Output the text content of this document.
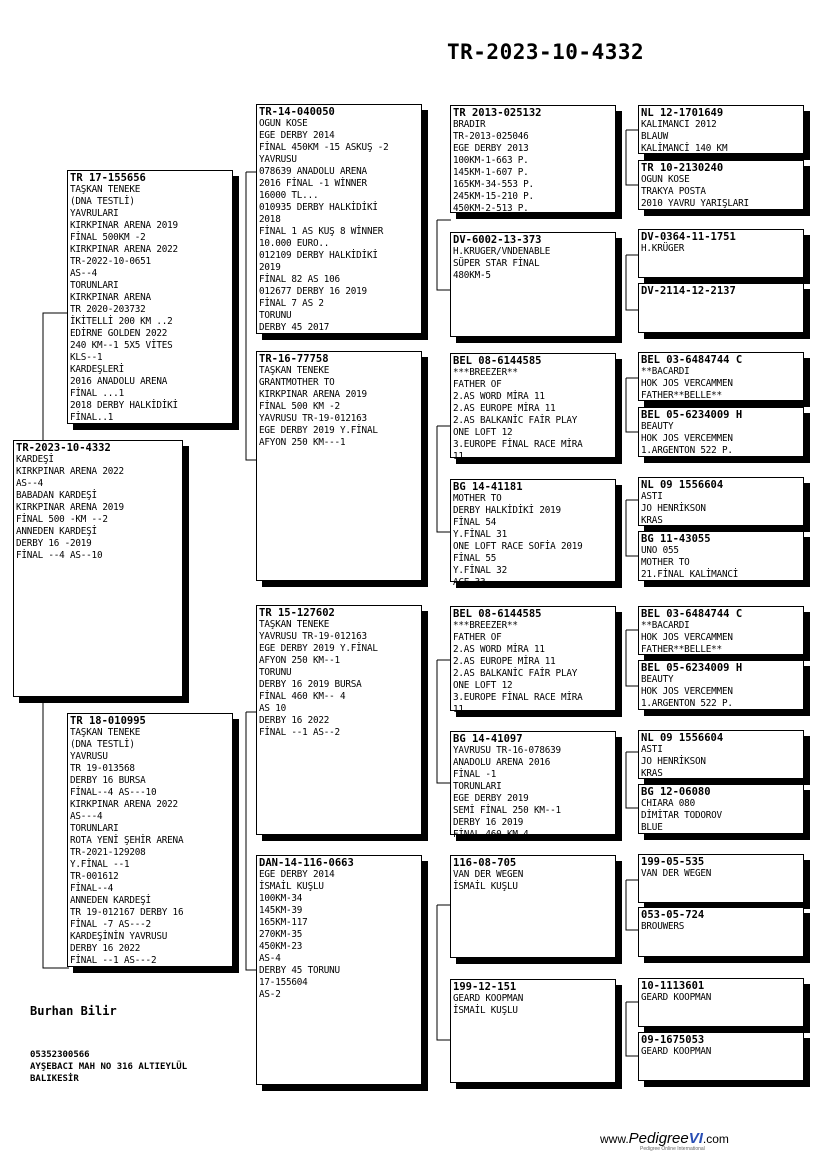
TR-2023-10-4332
TR-2023-10-4332
KARDEŞİ
KIRKPINAR ARENA 2022
AS--4
BABADAN KARDEŞİ
KIRKPINAR ARENA 2019
FİNAL 500 -KM --2
ANNEDEN KARDEŞİ
DERBY 16 -2019
FİNAL --4 AS--10
TR 17-155656
TAŞKAN TENEKE
(DNA TESTLİ)
YAVRULARI
KIRKPINAR ARENA 2019
FİNAL 500KM -2
KIRKPINAR ARENA 2022
TR-2022-10-0651
AS--4
TORUNLARI
KIRKPINAR ARENA
TR 2020-203732
İKİTELLİ 200 KM ..2
EDİRNE GOLDEN 2022
240 KM--1 5X5 VİTES
KLS--1
KARDEŞLERİ
2016 ANADOLU ARENA
FİNAL ...1
2018 DERBY HALKİDİKİ
FİNAL..1
TR 18-010995
TAŞKAN TENEKE
(DNA TESTLİ)
YAVRUSU
TR 19-013568
DERBY 16 BURSA
FİNAL--4 AS---10
KIRKPINAR ARENA 2022
AS---4
TORUNLARI
ROTA YENİ ŞEHİR ARENA
TR-2021-129208
Y.FİNAL --1
TR-001612
FİNAL--4
ANNEDEN KARDEŞİ
TR 19-012167 DERBY 16
FİNAL -7 AS---2
KARDEŞİNİN YAVRUSU
DERBY 16 2022
FİNAL --1 AS---2
TR-14-040050
OGUN KOSE
EGE DERBY 2014
FİNAL 450KM -15 ASKUŞ -2
YAVRUSU
078639 ANADOLU ARENA
2016 FİNAL -1 WİNNER
16000 TL...
010935 DERBY HALKİDİKİ
2018
FİNAL 1 AS KUŞ 8 WİNNER
10.000 EURO..
012109 DERBY HALKİDİKİ
2019
FİNAL 82 AS 106
012677 DERBY 16 2019
FİNAL 7 AS 2
TORUNU
DERBY 45 2017
TR-16-77758
TAŞKAN TENEKE
GRANTMOTHER TO
KIRKPINAR ARENA 2019
FİNAL 500 KM -2
YAVRUSU TR-19-012163
EGE DERBY 2019 Y.FİNAL
AFYON 250 KM---1
TR 15-127602
TAŞKAN TENEKE
YAVRUSU TR-19-012163
EGE DERBY 2019 Y.FİNAL
AFYON 250 KM--1
TORUNU
DERBY 16 2019 BURSA
FİNAL 460 KM-- 4
AS 10
DERBY 16 2022
FİNAL --1 AS--2
DAN-14-116-0663
EGE DERBY 2014
İSMAİL KUŞLU
100KM-34
145KM-39
165KM-117
270KM-35
450KM-23
AS-4
DERBY 45 TORUNU
17-155604
AS-2
TR 2013-025132
BRADIR
TR-2013-025046
EGE DERBY 2013
100KM-1-663 P.
145KM-1-607 P.
165KM-34-553 P.
245KM-15-210 P.
450KM-2-513 P.
DV-6002-13-373
H.KRUGER/VNDENABLE
SÜPER STAR FİNAL
480KM-5
BEL 08-6144585
***BREEZER**
FATHER OF
2.AS WORD MİRA 11
2.AS EUROPE MİRA 11
2.AS BALKANİC FAİR PLAY
ONE LOFT 12
3.EUROPE FİNAL RACE MİRA
11
BG 14-41181
MOTHER TO
DERBY HALKİDİKİ 2019
FİNAL 54
Y.FİNAL 31
ONE LOFT RACE SOFİA 2019
FİNAL 55
Y.FİNAL 32
ACE 33
BEL 08-6144585
***BREEZER**
FATHER OF
2.AS WORD MİRA 11
2.AS EUROPE MİRA 11
2.AS BALKANİC FAİR PLAY
ONE LOFT 12
3.EUROPE FİNAL RACE MİRA
11
BG 14-41097
YAVRUSU TR-16-078639
ANADOLU ARENA 2016
FİNAL -1
TORUNLARI
EGE DERBY 2019
SEMİ FİNAL 250 KM--1
DERBY 16 2019
FİNAL 460 KM 4
116-08-705
VAN DER WEGEN
İSMAİL KUŞLU
199-12-151
GEARD KOOPMAN
İSMAİL KUŞLU
NL 12-1701649
KALIMANCI 2012
BLAUW
KALİMANCİ 140 KM
TR 10-2130240
OGUN KOSE
TRAKYA POSTA
2010 YAVRU YARIŞLARI
DV-0364-11-1751
H.KRÜGER
DV-2114-12-2137
BEL 03-6484744 C
**BACARDI
HOK JOS VERCAMMEN
FATHER**BELLE**
BEL 05-6234009 H
BEAUTY
HOK JOS VERCEMMEN
1.ARGENTON 522 P.
NL 09 1556604
ASTI
JO HENRİKSON
KRAS
BG 11-43055
UNO 055
MOTHER TO
21.FİNAL KALİMANCİ
BEL 03-6484744 C
**BACARDI
HOK JOS VERCAMMEN
FATHER**BELLE**
BEL 05-6234009 H
BEAUTY
HOK JOS VERCEMMEN
1.ARGENTON 522 P.
NL 09 1556604
ASTI
JO HENRİKSON
KRAS
BG 12-06080
CHIARA 080
DİMİTAR TODOROV
BLUE
199-05-535
VAN DER WEGEN
053-05-724
BROUWERS
10-1113601
GEARD KOOPMAN
09-1675053
GEARD KOOPMAN
Burhan Bilir
05352300566
AYŞEBACI MAH NO 316 ALTIEYLÜL
BALIKESİR
www.PedigreeVI.com
Pedigree Online International
